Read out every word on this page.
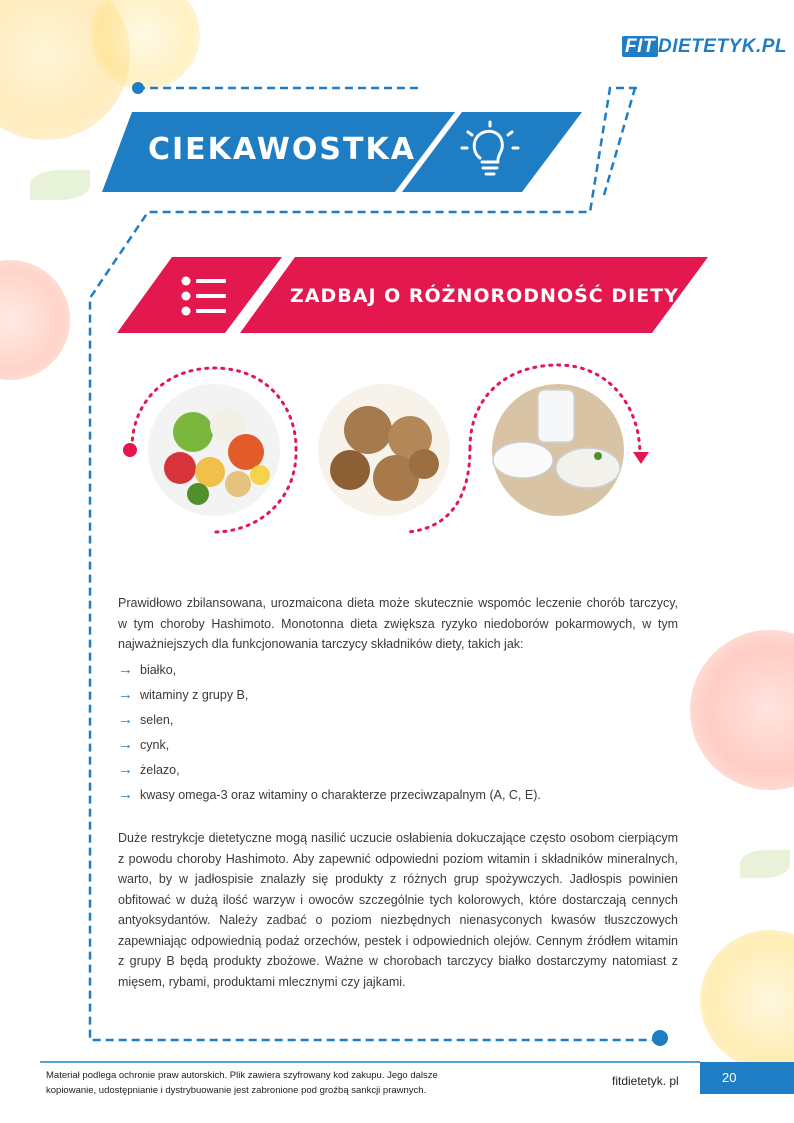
FIT DIETETYK.PL
CIEKAWOSTKA
ZADBAJ O RÓŻNORODNOŚĆ DIETY

Prawidłowo zbilansowana, urozmaicona dieta może skutecznie wspomóc leczenie chorób tarczycy, w tym choroby Hashimoto. Monotonna dieta zwiększa ryzyko niedoborów pokarmowych, w tym najważniejszych dla funkcjonowania tarczycy składników diety, takich jak:

→ białko,
→ witaminy z grupy B,
→ selen,
→ cynk,
→ żelazo,
→ kwasy omega-3 oraz witaminy o charakterze przeciwzapalnym (A, C, E).

Duże restrykcje dietetyczne mogą nasilić uczucie osłabienia dokuczające często osobom cierpiącym z powodu choroby Hashimoto. Aby zapewnić odpowiedni poziom witamin i składników mineralnych, warto, by w jadłospisie znalazły się produkty z różnych grup spożywczych. Jadłospis powinien obfitować w dużą ilość warzyw i owoców szczególnie tych kolorowych, które dostarczają cennych antyoksydantów. Należy zadbać o poziom niezbędnych nienasyconych kwasów tłuszczowych zapewniając odpowiednią podaż orzechów, pestek i odpowiednich olejów. Cennym źródłem witamin z grupy B będą produkty zbożowe. Ważne w chorobach tarczycy białko dostarczymy natomiast z mięsem, rybami, produktami mlecznymi czy jajkami.

Materiał podlega ochronie praw autorskich. Plik zawiera szyfrowany kod zakupu. Jego dalsze kopiowanie, udostępnianie i dystrybuowanie jest zabronione pod groźbą sankcji prawnych.
fitdietetyk. pl	20
